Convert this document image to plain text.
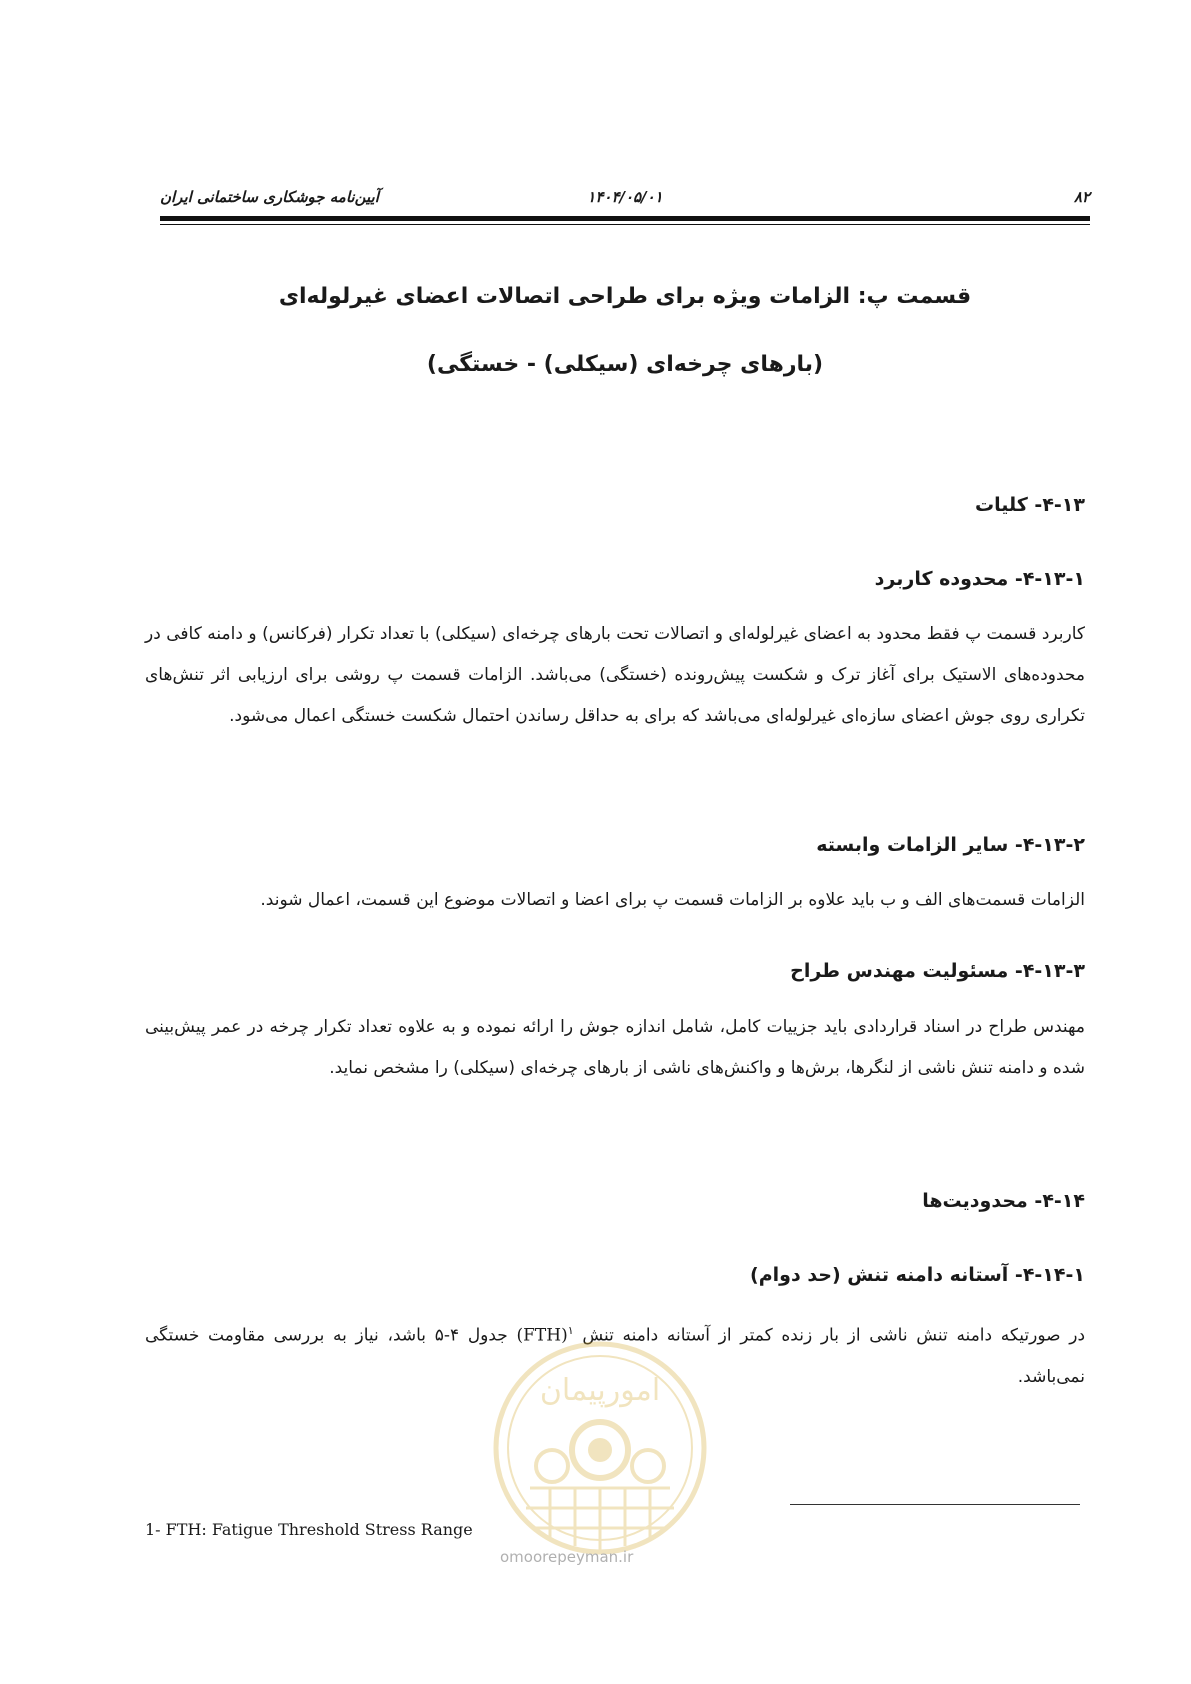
۸۲
۱۴۰۴/۰۵/۰۱
آیین‌نامه جوشکاری ساختمانی ایران
قسمت پ: الزامات ویژه برای طراحی اتصالات اعضای غیرلوله‌ای
(بارهای چرخه‌ای (سیکلی) - خستگی)
۴-۱۳- کلیات
۴-۱۳-۱- محدوده کاربرد
کاربرد قسمت پ فقط محدود به اعضای غیرلوله‌ای و اتصالات تحت بارهای چرخه‌ای (سیکلی) با تعداد تکرار (فرکانس) و دامنه کافی در محدوده‌های الاستیک برای آغاز ترک و شکست پیش‌رونده (خستگی) می‌باشد. الزامات قسمت پ روشی برای ارزیابی اثر تنش‌های تکراری روی جوش اعضای سازه‌ای غیرلوله‌ای می‌باشد که برای به حداقل رساندن احتمال شکست خستگی اعمال می‌شود.
۴-۱۳-۲- سایر الزامات وابسته
الزامات قسمت‌های الف و ب باید علاوه بر الزامات قسمت پ برای اعضا و اتصالات موضوع این قسمت، اعمال شوند.
۴-۱۳-۳- مسئولیت مهندس طراح
مهندس طراح در اسناد قراردادی باید جزییات کامل، شامل اندازه جوش را ارائه نموده و به علاوه تعداد تکرار چرخه در عمر پیش‌بینی شده و دامنه تنش ناشی از لنگرها، برش‌ها و واکنش‌های ناشی از بارهای چرخه‌ای (سیکلی) را مشخص نماید.
۴-۱۴- محدودیت‌ها
۴-۱۴-۱- آستانه دامنه تنش (حد دوام)
در صورتیکه دامنه تنش ناشی از بار زنده کمتر از آستانه دامنه تنش (FTH)$^۱$ جدول ۴-۵ باشد، نیاز به بررسی مقاومت خستگی نمی‌باشد.
امورپیمان
omoorepeyman.ir
1- FTH: Fatigue Threshold Stress Range
